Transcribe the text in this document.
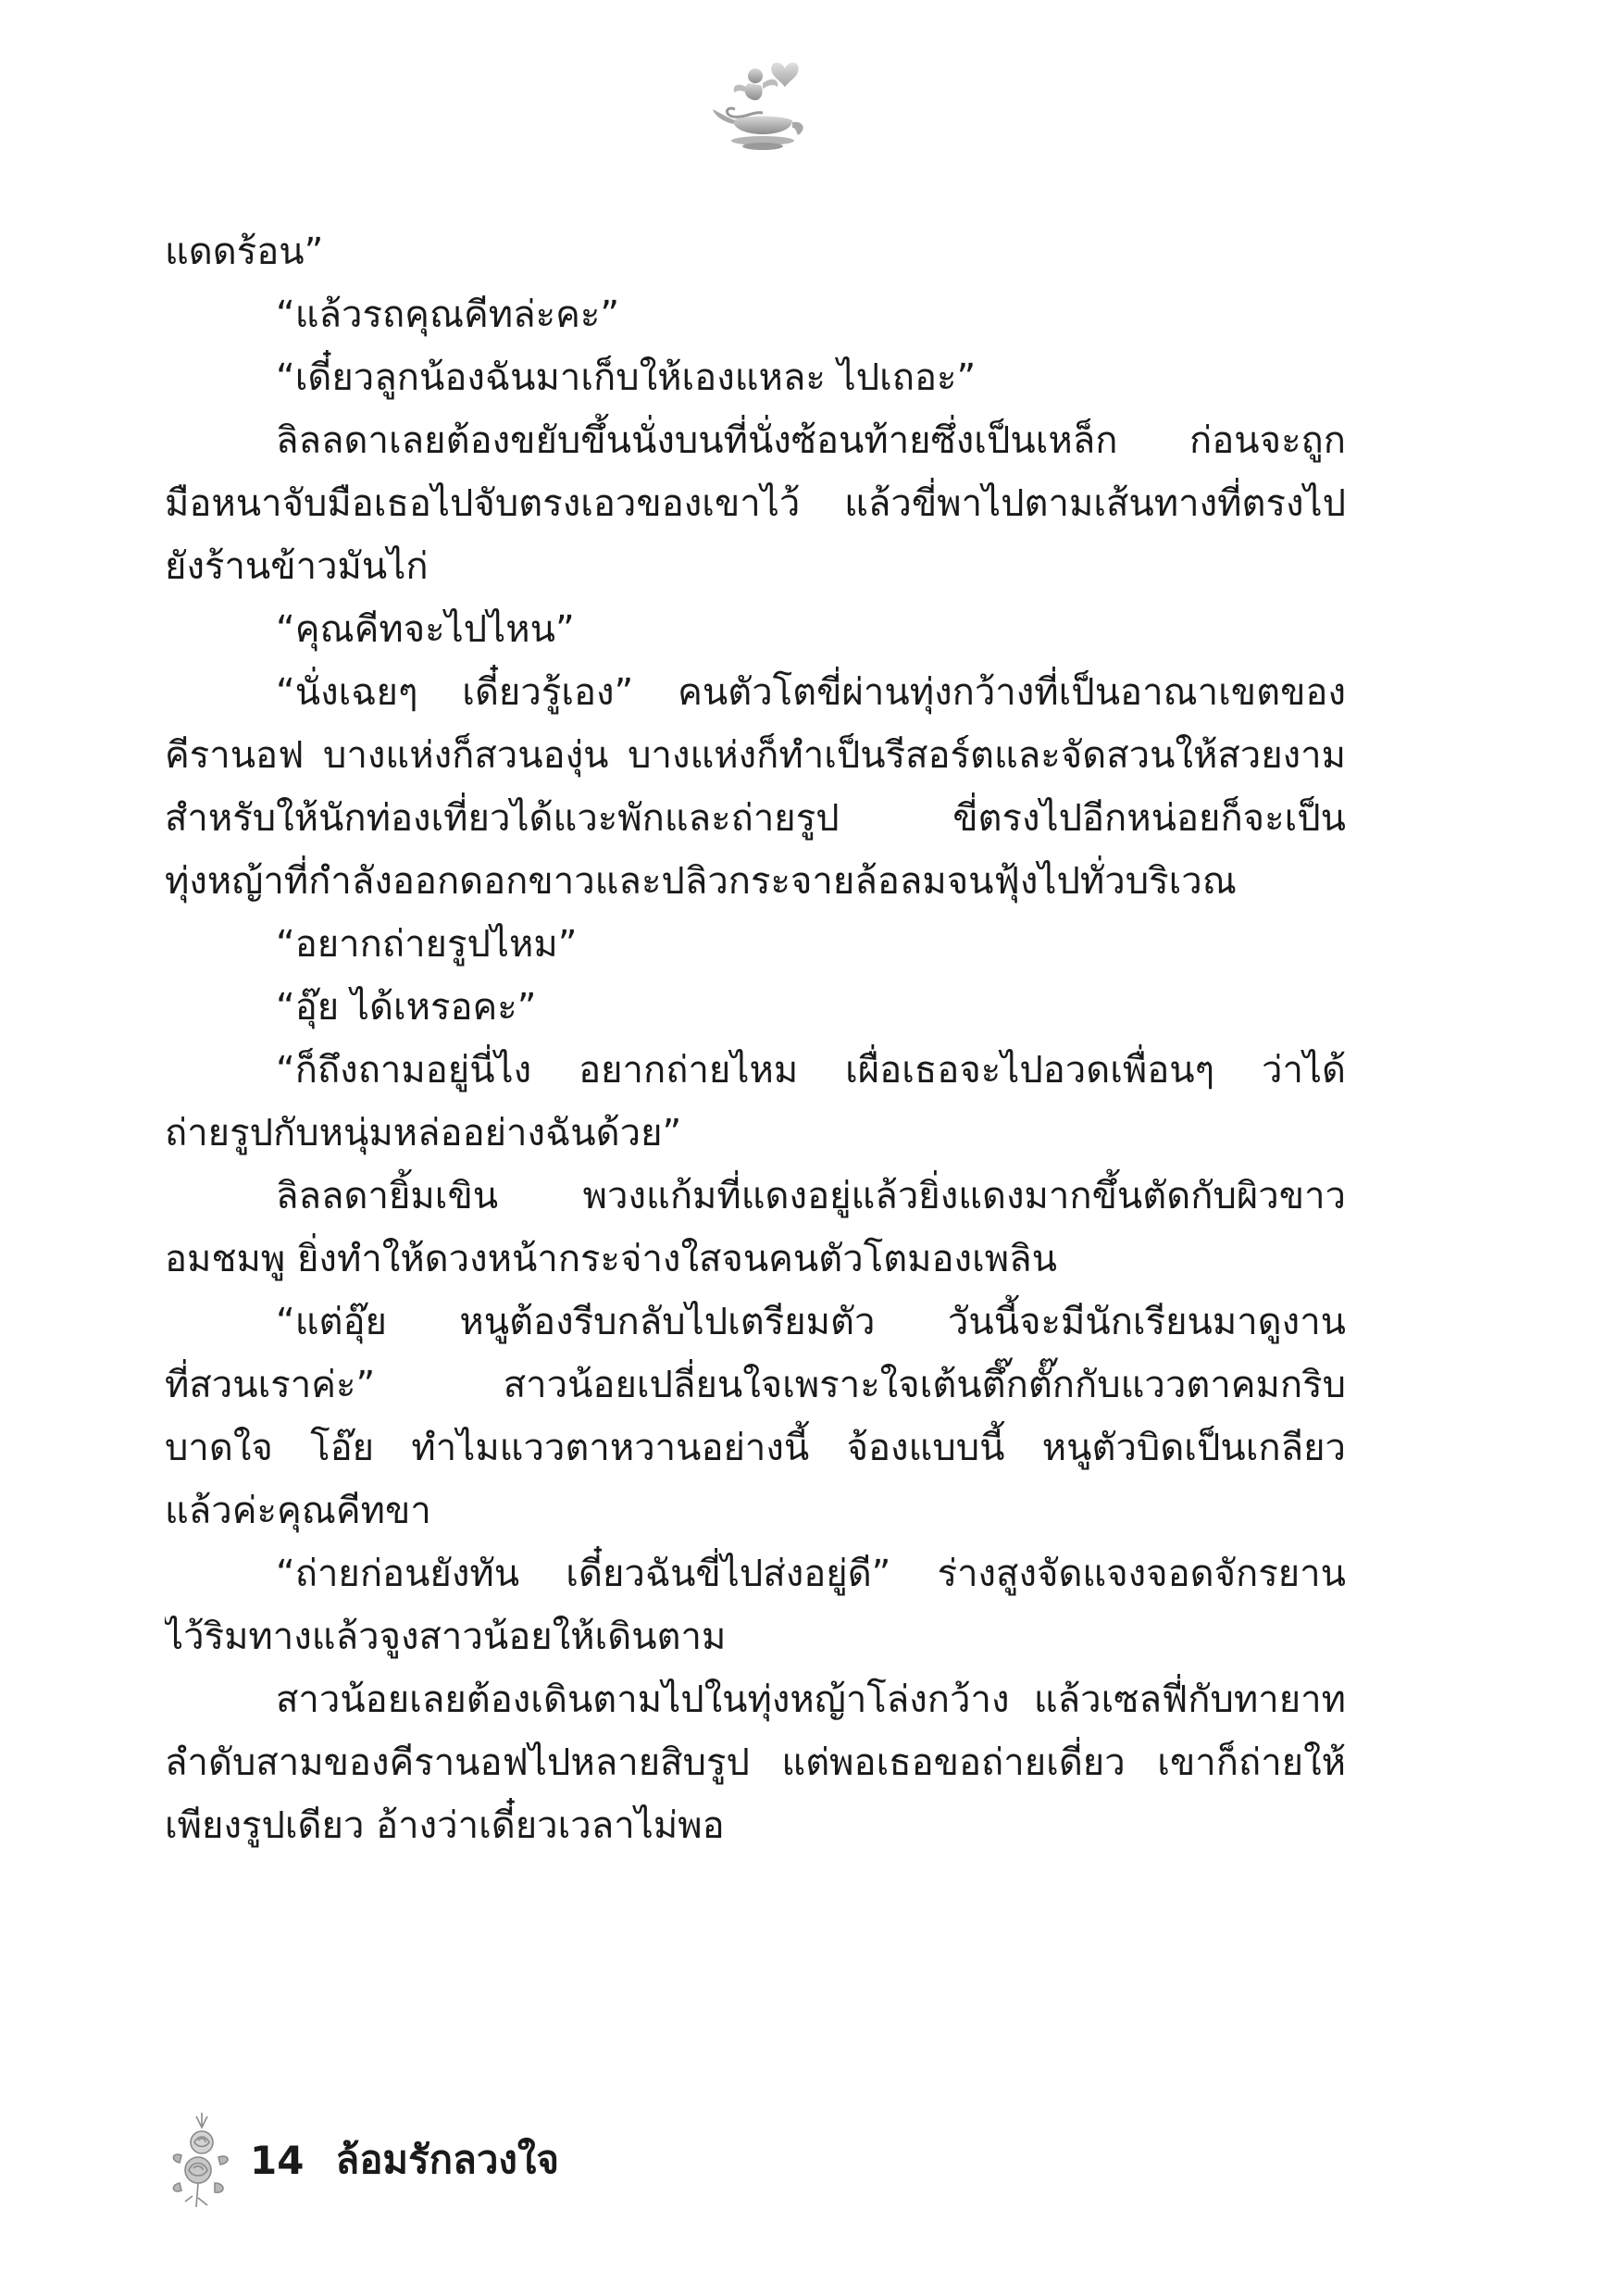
แดดร้อน”
“แล้วรถคุณคีทล่ะคะ”
“เดี๋ยวลูกน้องฉันมาเก็บให้เองแหละ ไปเถอะ”
ลิลลดาเลยต้องขยับขึ้นนั่งบนที่นั่งซ้อนท้ายซึ่งเป็นเหล็ก ก่อนจะถูก
มือหนาจับมือเธอไปจับตรงเอวของเขาไว้ แล้วขี่พาไปตามเส้นทางที่ตรงไป
ยังร้านข้าวมันไก่
“คุณคีทจะไปไหน”
“นั่งเฉยๆ เดี๋ยวรู้เอง” คนตัวโตขี่ผ่านทุ่งกว้างที่เป็นอาณาเขตของ
คีรานอฟ บางแห่งก็สวนองุ่น บางแห่งก็ทำเป็นรีสอร์ตและจัดสวนให้สวยงาม
สำหรับให้นักท่องเที่ยวได้แวะพักและถ่ายรูป ขี่ตรงไปอีกหน่อยก็จะเป็น
ทุ่งหญ้าที่กำลังออกดอกขาวและปลิวกระจายล้อลมจนฟุ้งไปทั่วบริเวณ
“อยากถ่ายรูปไหม”
“อุ๊ย ได้เหรอคะ”
“ก็ถึงถามอยู่นี่ไง อยากถ่ายไหม เผื่อเธอจะไปอวดเพื่อนๆ ว่าได้
ถ่ายรูปกับหนุ่มหล่ออย่างฉันด้วย”
ลิลลดายิ้มเขิน พวงแก้มที่แดงอยู่แล้วยิ่งแดงมากขึ้นตัดกับผิวขาว
อมชมพู ยิ่งทำให้ดวงหน้ากระจ่างใสจนคนตัวโตมองเพลิน
“แต่อุ๊ย หนูต้องรีบกลับไปเตรียมตัว วันนี้จะมีนักเรียนมาดูงาน
ที่สวนเราค่ะ” สาวน้อยเปลี่ยนใจเพราะใจเต้นตึ๊กตั๊กกับแววตาคมกริบ
บาดใจ โอ๊ย ทำไมแววตาหวานอย่างนี้ จ้องแบบนี้ หนูตัวบิดเป็นเกลียว
แล้วค่ะคุณคีทขา
“ถ่ายก่อนยังทัน เดี๋ยวฉันขี่ไปส่งอยู่ดี” ร่างสูงจัดแจงจอดจักรยาน
ไว้ริมทางแล้วจูงสาวน้อยให้เดินตาม
สาวน้อยเลยต้องเดินตามไปในทุ่งหญ้าโล่งกว้าง แล้วเซลฟี่กับทายาท
ลำดับสามของคีรานอฟไปหลายสิบรูป แต่พอเธอขอถ่ายเดี่ยว เขาก็ถ่ายให้
เพียงรูปเดียว อ้างว่าเดี๋ยวเวลาไม่พอ
14 ล้อมรักลวงใจ
